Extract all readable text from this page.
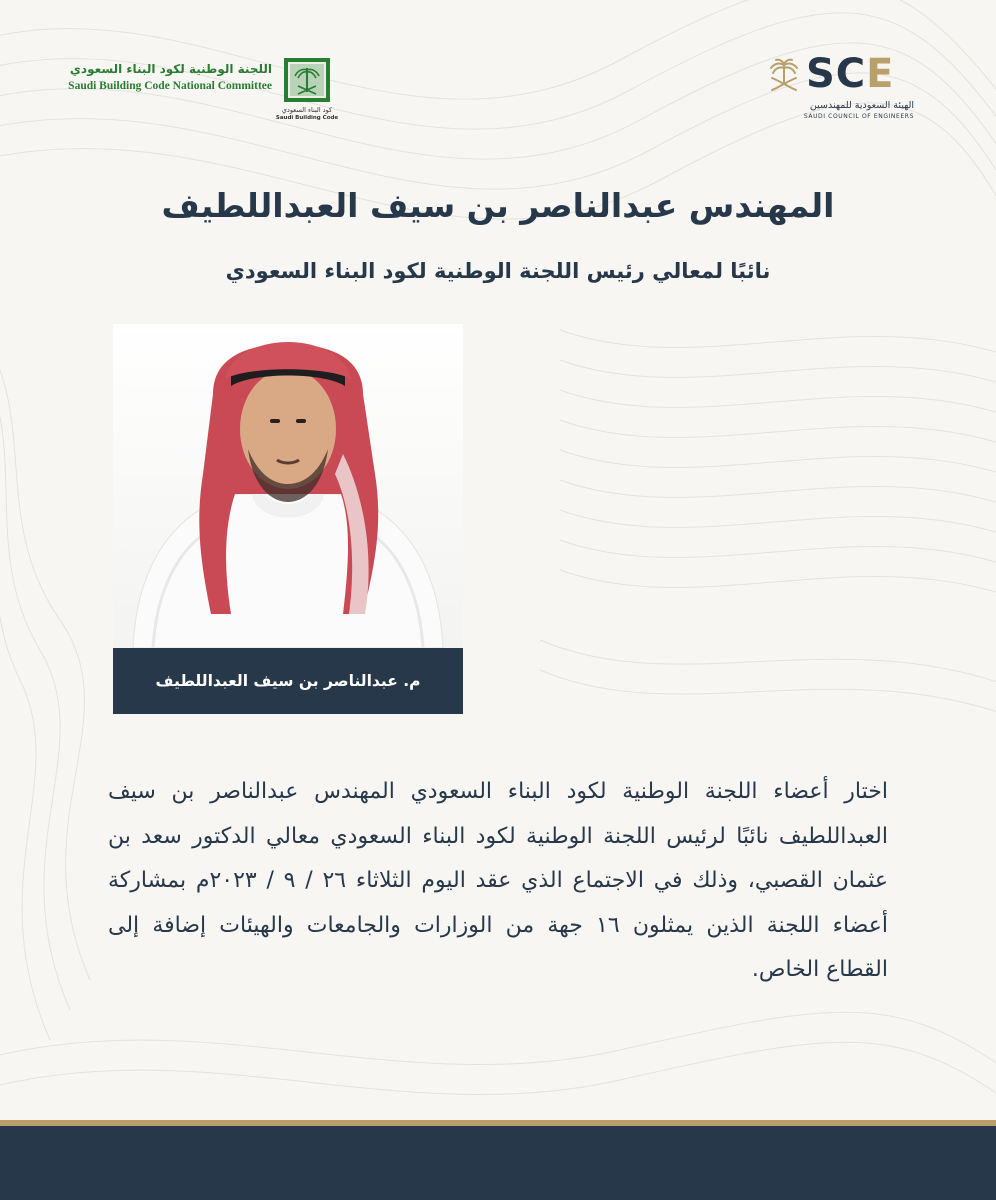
اللجنة الوطنية لكود البناء السعودي
Saudi Building Code National Committee
كود البناء السعودي
Saudi Building Code
SCE
الهيئة السعودية للمهندسين
SAUDI COUNCIL OF ENGINEERS
المهندس عبدالناصر بن سيف العبداللطيف
نائبًا لمعالي رئيس اللجنة الوطنية لكود البناء السعودي
م. عبدالناصر بن سيف العبداللطيف
اختار أعضاء اللجنة الوطنية لكود البناء السعودي المهندس عبدالناصر بن سيف العبداللطيف نائبًا لرئيس اللجنة الوطنية لكود البناء السعودي معالي الدكتور سعد بن عثمان القصبي، وذلك في الاجتماع الذي عقد اليوم الثلاثاء ٢٦ / ٩ / ٢٠٢٣م بمشاركة أعضاء اللجنة الذين يمثلون ١٦ جهة من الوزارات والجامعات والهيئات إضافة إلى القطاع الخاص.
